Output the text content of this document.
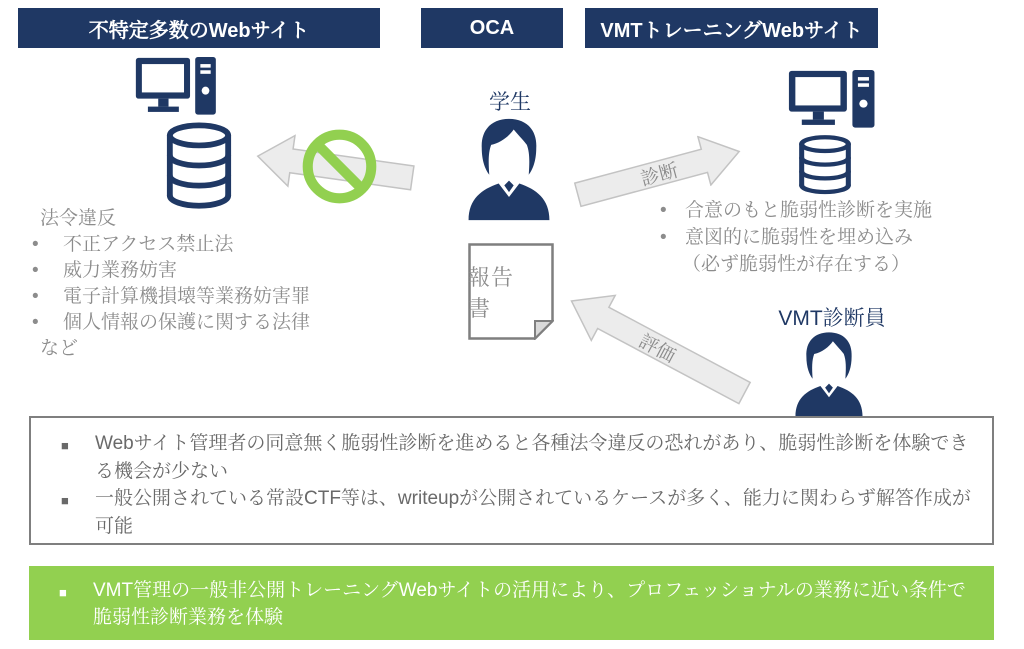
不特定多数のWebサイト	OCA	VMTトレーニングWebサイト
法令違反
•	不正アクセス禁止法
•	威力業務妨害
•	電子計算機損壊等業務妨害罪
•	個人情報の保護に関する法律
など
学生
診断
報告書
• 合意のもと脆弱性診断を実施
• 意図的に脆弱性を埋め込み
（必ず脆弱性が存在する）
評価
VMT診断員
■	Webサイト管理者の同意無く脆弱性診断を進めると各種法令違反の恐れがあり、脆弱性診断を体験できる機会が少ない
■	一般公開されている常設CTF等は、writeupが公開されているケースが多く、能力に関わらず解答作成が可能
■	VMT管理の一般非公開トレーニングWebサイトの活用により、プロフェッショナルの業務に近い条件で脆弱性診断業務を体験
